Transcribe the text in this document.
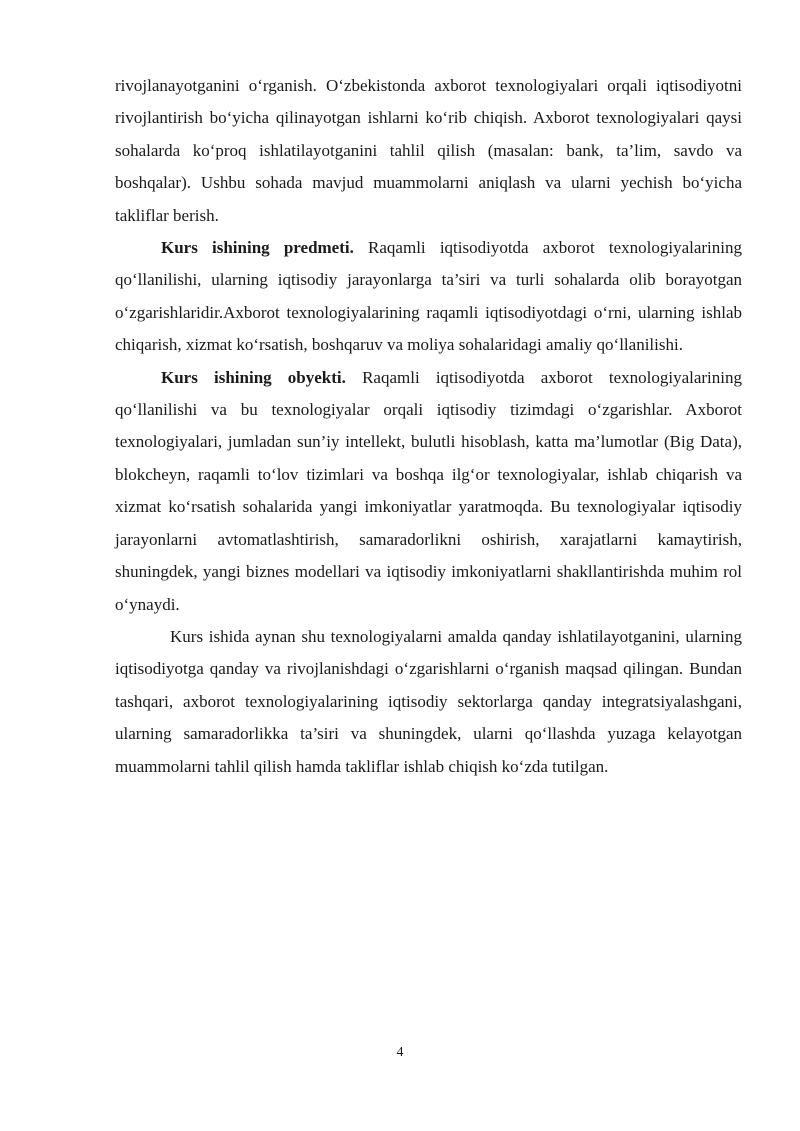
rivojlanayotganini o‘rganish. O‘zbekistonda axborot texnologiyalari orqali iqtisodiyotni rivojlantirish bo‘yicha qilinayotgan ishlarni ko‘rib chiqish. Axborot texnologiyalari qaysi sohalarda ko‘proq ishlatilayotganini tahlil qilish (masalan: bank, ta’lim, savdo va boshqalar). Ushbu sohada mavjud muammolarni aniqlash va ularni yechish bo‘yicha takliflar berish.

Kurs ishining predmeti. Raqamli iqtisodiyotda axborot texnologiyalarining qo‘llanilishi, ularning iqtisodiy jarayonlarga ta’siri va turli sohalarda olib borayotgan o‘zgarishlaridir.Axborot texnologiyalarining raqamli iqtisodiyotdagi o‘rni, ularning ishlab chiqarish, xizmat ko‘rsatish, boshqaruv va moliya sohalaridagi amaliy qo‘llanilishi.

Kurs ishining obyekti. Raqamli iqtisodiyotda axborot texnologiyalarining qo‘llanilishi va bu texnologiyalar orqali iqtisodiy tizimdagi o‘zgarishlar. Axborot texnologiyalari, jumladan sun’iy intellekt, bulutli hisoblash, katta ma’lumotlar (Big Data), blokcheyn, raqamli to‘lov tizimlari va boshqa ilg‘or texnologiyalar, ishlab chiqarish va xizmat ko‘rsatish sohalarida yangi imkoniyatlar yaratmoqda. Bu texnologiyalar iqtisodiy jarayonlarni avtomatlashtirish, samaradorlikni oshirish, xarajatlarni kamaytirish, shuningdek, yangi biznes modellari va iqtisodiy imkoniyatlarni shakllantirishda muhim rol o‘ynaydi.

Kurs ishida aynan shu texnologiyalarni amalda qanday ishlatilayotganini, ularning iqtisodiyotga qanday va rivojlanishdagi o‘zgarishlarni o‘rganish maqsad qilingan. Bundan tashqari, axborot texnologiyalarining iqtisodiy sektorlarga qanday integratsiyalashgani, ularning samaradorlikka ta’siri va shuningdek, ularni qo‘llashda yuzaga kelayotgan muammolarni tahlil qilish hamda takliflar ishlab chiqish ko‘zda tutilgan.

4
